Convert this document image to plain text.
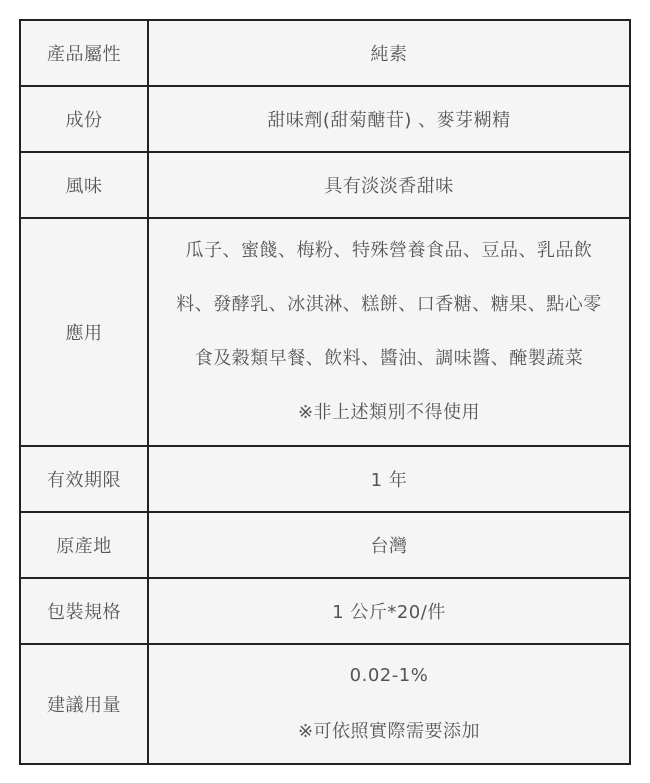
產品屬性	純素

成份	甜味劑(甜菊醣苷) 、麥芽糊精

風味	具有淡淡香甜味

應用	瓜子、蜜餞、梅粉、特殊營養食品、豆品、乳品飲
料、發酵乳、冰淇淋、糕餅、口香糖、糖果、點心零
食及穀類早餐、飲料、醬油、調味醬、醃製蔬菜
※非上述類別不得使用

有效期限	1 年

原產地	台灣

包裝規格	1 公斤*20/件

建議用量	0.02-1%
※可依照實際需要添加
